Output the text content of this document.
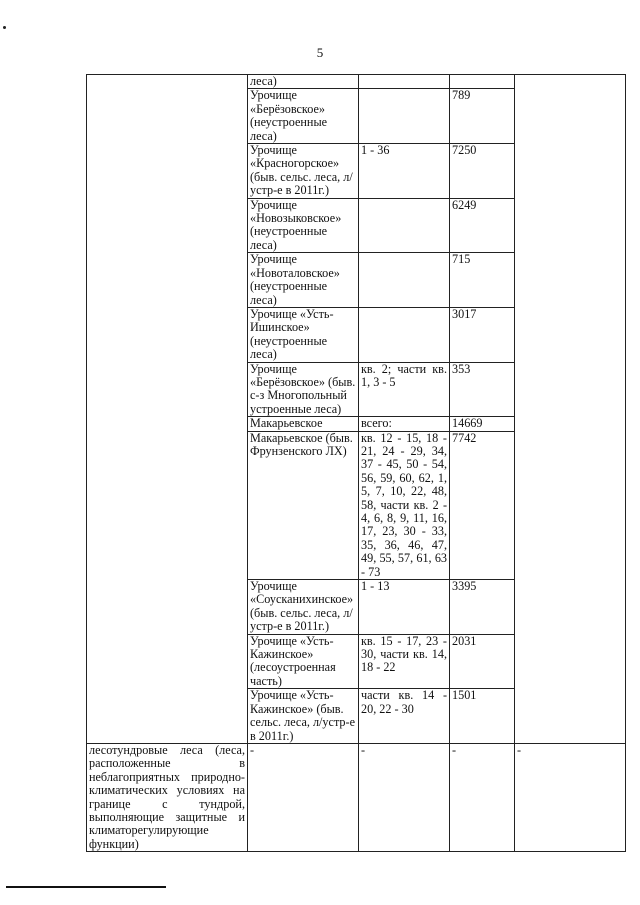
5
	леса)			
	Урочище «Берёзовское» (неустроенные леса)		789	
	Урочище «Красногорское» (быв. сельс. леса, л/устр-е в 2011г.)	1 - 36	7250	
	Урочище «Новозыковское» (неустроенные леса)		6249	
	Урочище «Новоталовское» (неустроенные леса)		715	
	Урочище «Усть-Ишинское» (неустроенные леса)		3017	
	Урочище «Берёзовское» (быв. с-з Многопольный устроенные леса)	кв. 2; части кв. 1, 3 - 5	353	
	Макарьевское	всего:	14669	
	Макарьевское (быв. Фрунзенского ЛХ)	кв. 12 - 15, 18 - 21, 24 - 29, 34, 37 - 45, 50 - 54, 56, 59, 60, 62, 1, 5, 7, 10, 22, 48, 58, части кв. 2 - 4, 6, 8, 9, 11, 16, 17, 23, 30 - 33, 35, 36, 46, 47, 49, 55, 57, 61, 63 - 73	7742	
	Урочище «Соусканихинское» (быв. сельс. леса, л/устр-е в 2011г.)	1 - 13	3395	
	Урочище «Усть-Кажинское» (лесоустроенная часть)	кв. 15 - 17, 23 - 30, части кв. 14, 18 - 22	2031	
	Урочище «Усть-Кажинское» (быв. сельс. леса, л/устр-е в 2011г.)	части кв. 14 - 20, 22 - 30	1501	
лесотундровые леса (леса, расположенные в неблагоприятных природно-климатических условиях на границе с тундрой, выполняющие защитные и климаторегулирующие функции)	-	-	-	-
